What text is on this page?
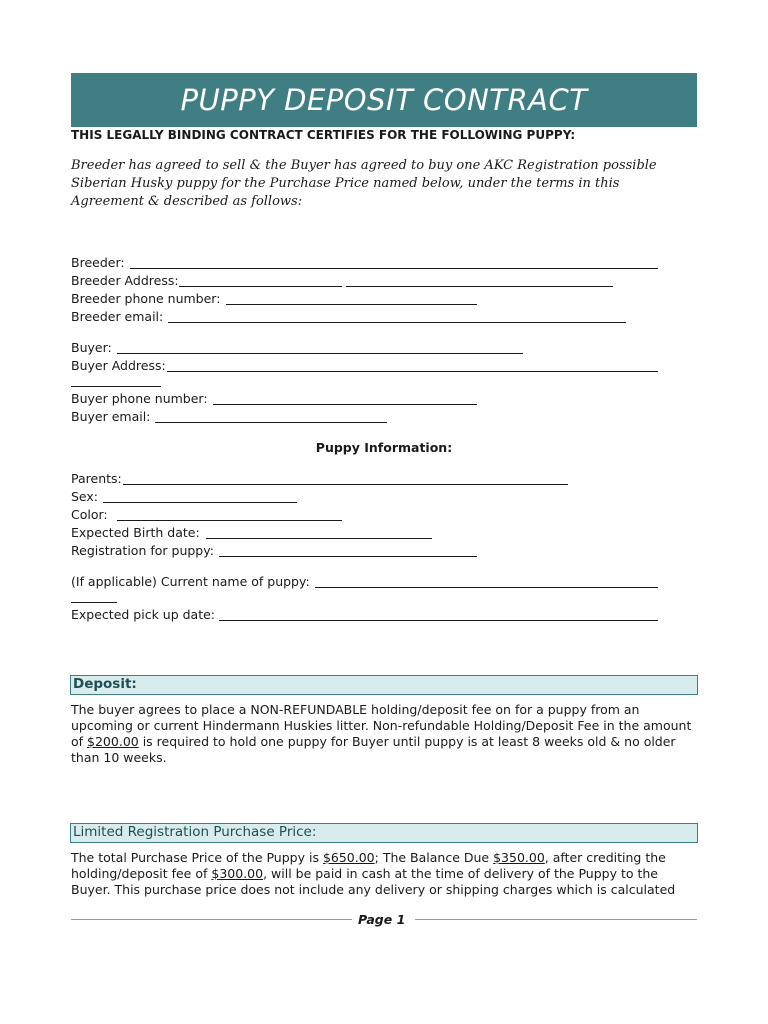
PUPPY DEPOSIT CONTRACT
THIS LEGALLY BINDING CONTRACT CERTIFIES FOR THE FOLLOWING PUPPY:
Breeder has agreed to sell & the Buyer has agreed to buy one AKC Registration possible Siberian Husky puppy for the Purchase Price named below, under the terms in this Agreement & described as follows:
Breeder:
Breeder Address:
Breeder phone number:
Breeder email:
Buyer:
Buyer Address:
Buyer phone number:
Buyer email:
Puppy Information:
Parents:
Sex:
Color:
Expected Birth date:
Registration for puppy:
(If applicable) Current name of puppy:
Expected pick up date:
Deposit:
The buyer agrees to place a NON-REFUNDABLE holding/deposit fee on for a puppy from an upcoming or current Hindermann Huskies litter. Non-refundable Holding/Deposit Fee in the amount of $200.00 is required to hold one puppy for Buyer until puppy is at least 8 weeks old & no older than 10 weeks.
Limited Registration Purchase Price:
The total Purchase Price of the Puppy is $650.00; The Balance Due $350.00, after crediting the holding/deposit fee of $300.00, will be paid in cash at the time of delivery of the Puppy to the Buyer. This purchase price does not include any delivery or shipping charges which is calculated
Page 1
